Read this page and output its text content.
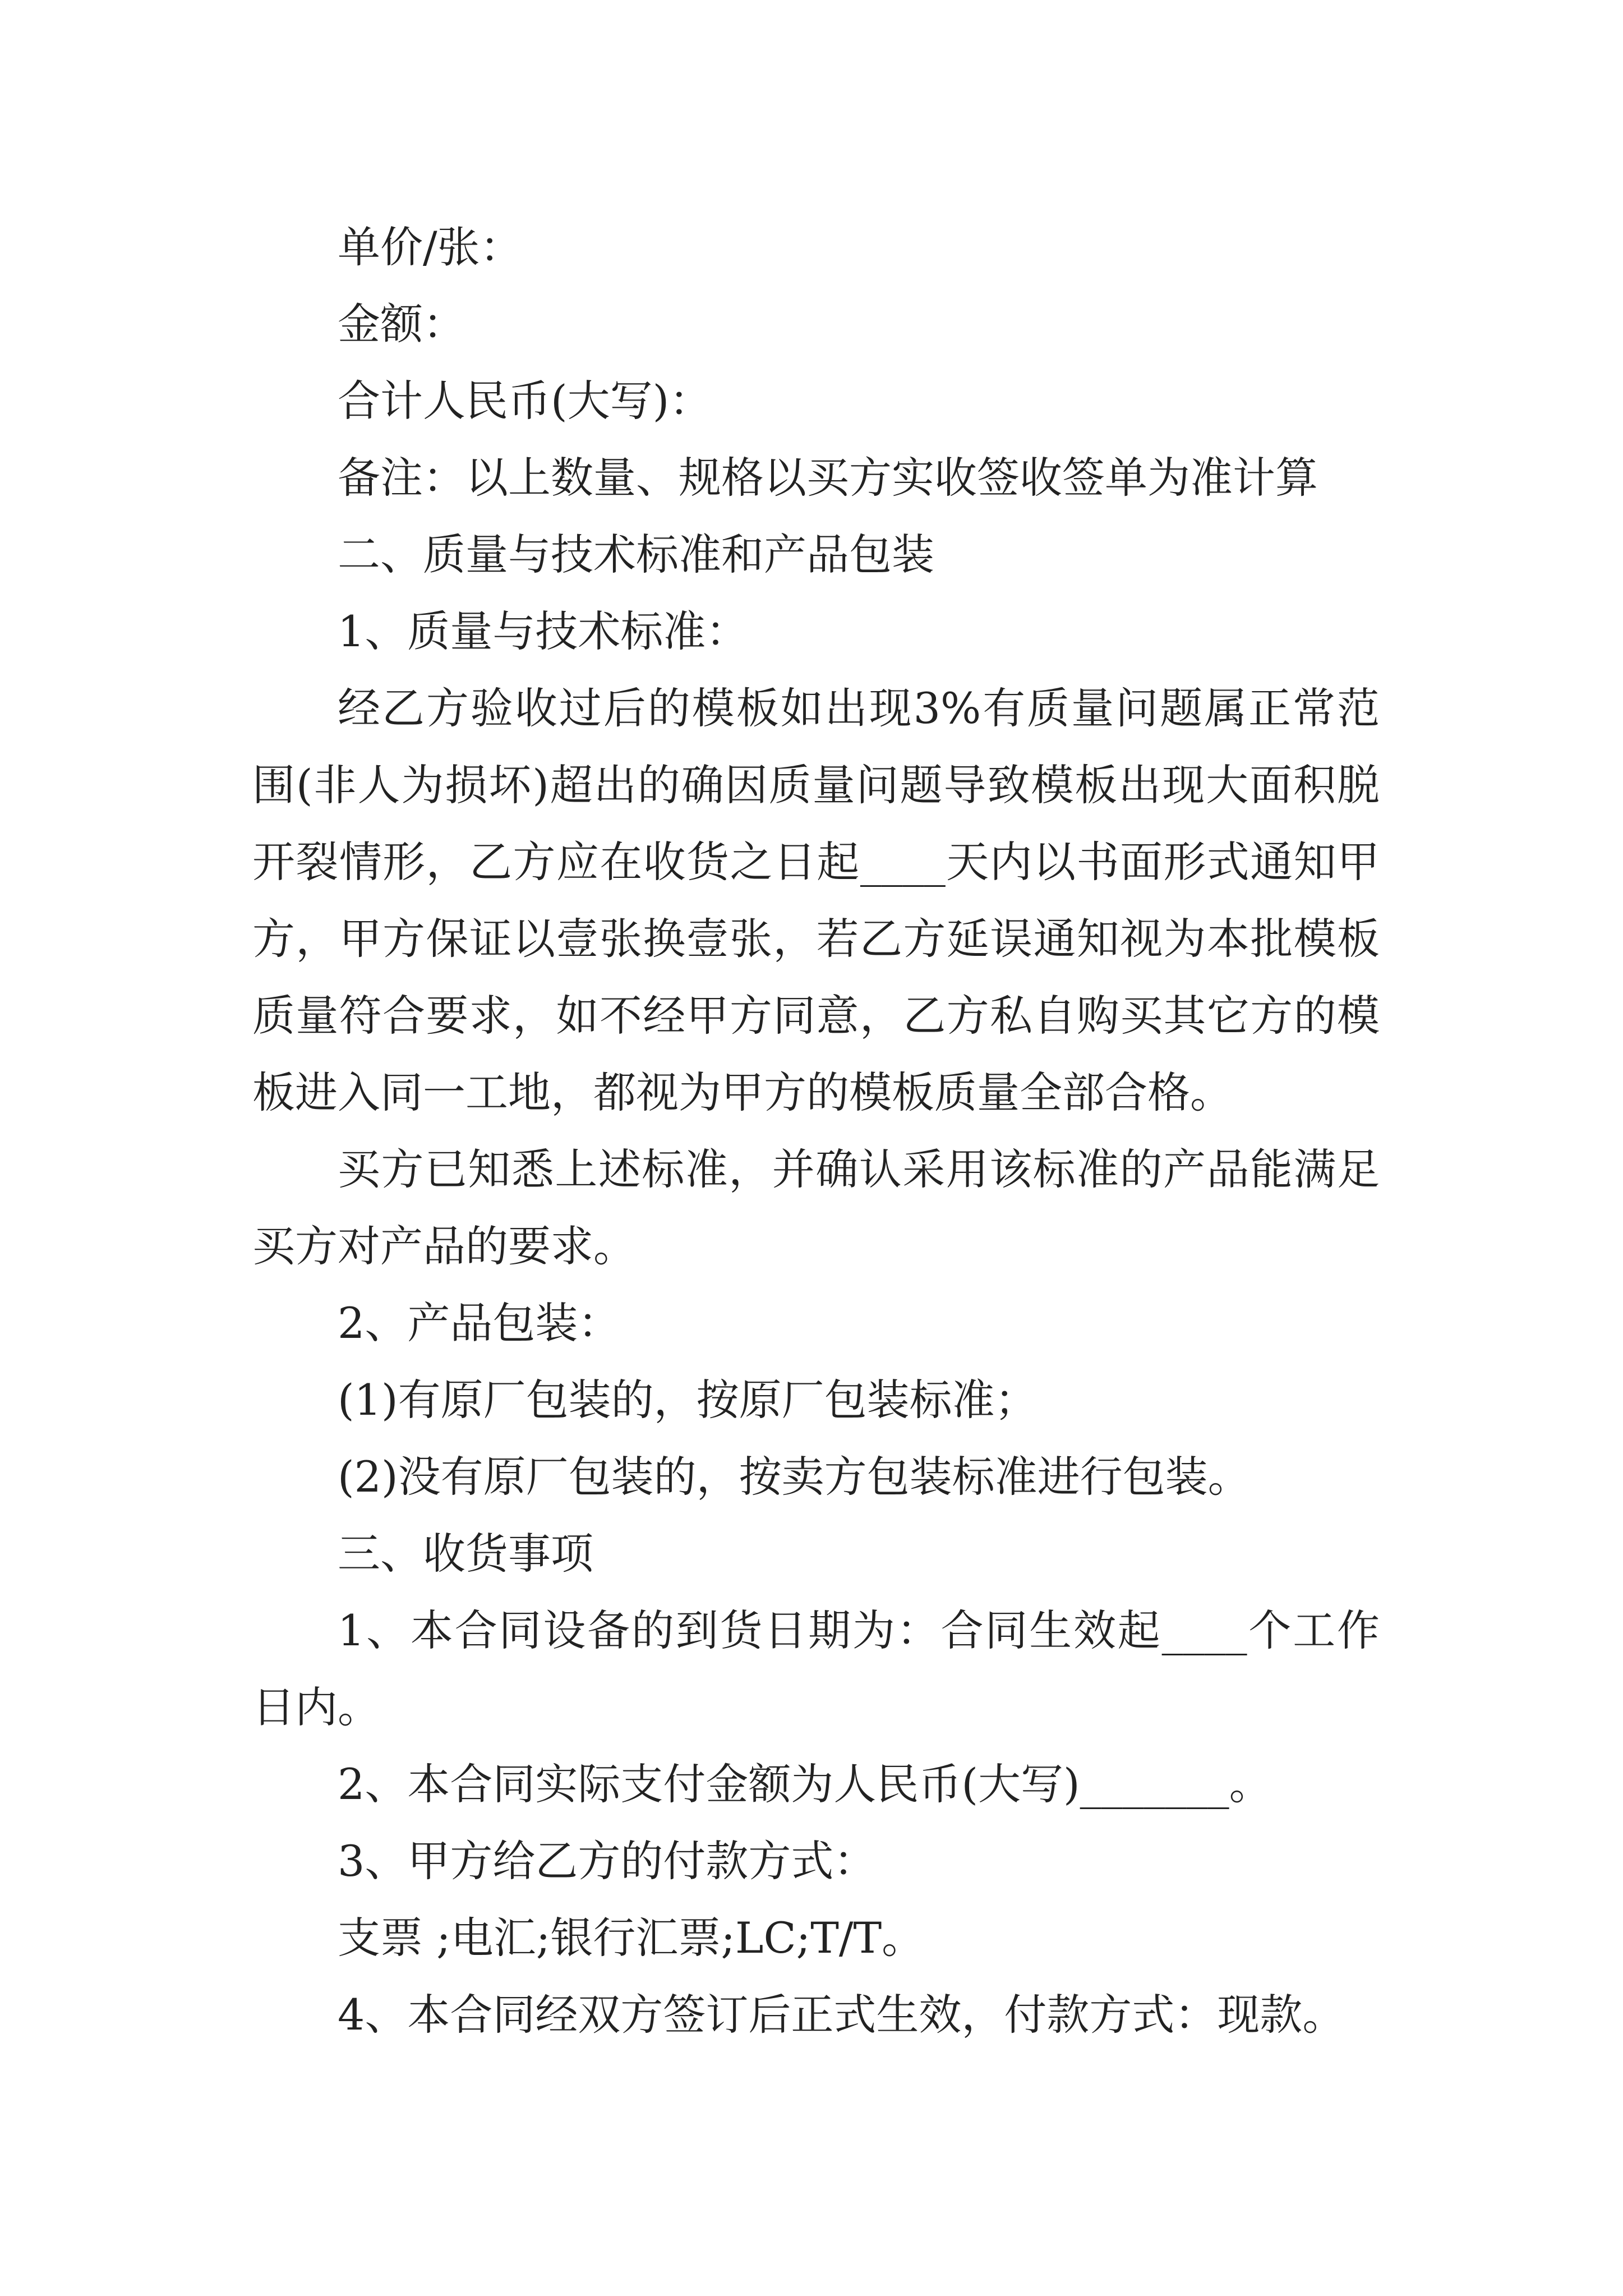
单价/张：

金额：

合计人民币(大写)：

备注：以上数量、规格以买方实收签收签单为准计算

二、质量与技术标准和产品包装

1、质量与技术标准：

经乙方验收过后的模板如出现3%有质量问题属正常范围(非人为损坏)超出的确因质量问题导致模板出现大面积脱开裂情形，乙方应在收货之日起____天内以书面形式通知甲方，甲方保证以壹张换壹张，若乙方延误通知视为本批模板质量符合要求，如不经甲方同意，乙方私自购买其它方的模板进入同一工地，都视为甲方的模板质量全部合格。

买方已知悉上述标准，并确认采用该标准的产品能满足买方对产品的要求。

2、产品包装：

(1)有原厂包装的，按原厂包装标准；

(2)没有原厂包装的，按卖方包装标准进行包装。

三、收货事项

1、本合同设备的到货日期为：合同生效起____个工作日内。

2、本合同实际支付金额为人民币(大写)_______。

3、甲方给乙方的付款方式：

支票 ;电汇;银行汇票;LC;T/T。

4、本合同经双方签订后正式生效，付款方式：现款。
